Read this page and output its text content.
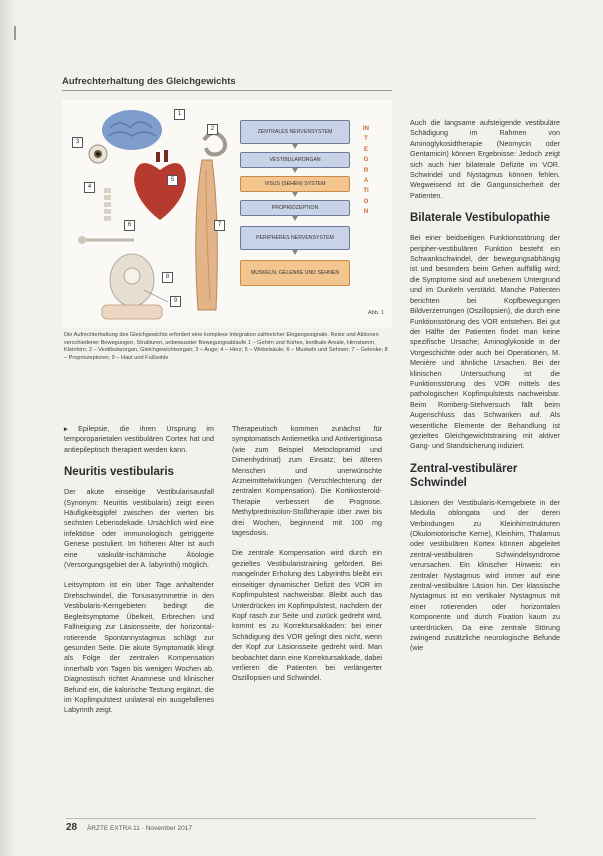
Aufrechterhaltung des Gleichgewichts
1
2
3
4
5
6	7
8
9
ZENTRALES NERVENSYSTEM
VESTIBULARORGAN
VISUS (SEHEN) SYSTEM
PROPRIOZEPTION
PERIPHERES NERVENSYSTEM
MUSKELN, GELENKE UND SEHNEN
INTEGRATION
Abb. 1
Die Aufrechterhaltung des Gleichgewichts erfordert eine komplexe Integration zahlreicher Eingangssignale. Reize und Aktionen verschiedener Bewegungen, Strukturen, unbewusster Bewegungsablaufe 1 – Gehirn und Kortex, kortikale Areale, Hirnstamm, Kleinhirn; 2 – Vestibularorgan, Gleichgewichtsorgan; 3 – Auge; 4 – Herz; 5 – Wirbelsäule; 6 – Muskeln und Sehnen; 7 – Gelenke; 8 – Propriozeptoren; 9 – Haut und Fußsohle

▸ Epilepsie, die ihren Ursprung im temporoparietalen vestibulären Cortex hat und antiepileptisch therapiert werden kann.

Neuritis vestibularis

Der akute einseitige Vestibularisausfall (Synonym: Neuritis vestibularis) zeigt einen Häufigkeitsgipfel zwischen der vierten bis sechsten Lebensdekade. Ursächlich wird eine infektiöse oder immunologisch getriggerte Genese postuliert. Im höheren Alter ist auch eine vaskulär-ischämische Ätiologie (Versorgungsgebiet der A. labyrinthi) möglich.

Leitsymptom ist ein über Tage anhaltender Drehschwindel, die Tonusasymmetrie in den Vestibularis-Kerngebieten bedingt die Begleitsymptome Übelkeit, Erbrechen und Fallneigung zur Läsionsseite, der horizontal-rotierende Spontannystagmus schlägt zur gesunden Seite. Die akute Symptomatik klingt als Folge der zentralen Kompensation innerhalb von Tagen bis wenigen Wochen ab. Diagnostisch richtet Anamnese und klinischer Befund ein, die kalorische Testung ergänzt, die im Kopfimpulstest unilateral ein ausgefallenes Labyrinth zeigt.

Therapeutisch kommen zunächst für symptomatisch Antiemetika und Antivertiginosa (wie zum Beispiel Metoclopramid und Dimenhydrinat) zum Einsatz; bei älteren Menschen und unerwünschte Arzneimittelwirkungen (Verschlechterung der zentralen Kompensation). Die Kortikosteroid-Therapie verbessert die Prognose. Methylprednisolon-Stoßtherapie über zwei bis drei Wochen, beginnend mit 100 mg tagesdosis.

Die zentrale Kompensation wird durch ein gezieltes Vestibularistraining gefördert. Bei mangelnder Erholung des Labyrinths bleibt ein einseitiger dynamischer Defizit des VOR im Kopfimpulstest nachweisbar. Bleibt auch das Unterdrücken im Kopfimpulstest, nachdem der Kopf rasch zur Seite und zurück gedreht wird, kommt es zu Korrektursakkaden: bei einer Schädigung des VOR gelingt dies nicht, wenn der Kopf zur Läsionsseite gedreht wird. Man beobachtet dann eine Korrektursakkade, dabei verlieren die Patienten bei verlängerter Oszillopsien und Schwindel.

Auch die langsame aufsteigende vestibuläre Schädigung im Rahmen von Aminoglykosidtherapie (Neomycin oder Gentamicin) können Ergebnisse: Jedoch zeigt sich auch hier bilaterale Defizite im VOR. Schwindel und Nystagmus können fehlen. Wegweisend ist die Gangunsicherheit der Patienten.

Bilaterale Vestibulopathie

Bei einer beidseitigen Funktionsstörung der peripher-vestibulären Funktion besteht ein Schwankschwindel, der bewegungsabhängig ist und besonders beim Gehen auffällig wird; die Symptome sind auf unebenem Untergrund und im Dunkeln verstärkt. Manche Patienten berichten bei Kopfbewegungen Bildverzerrungen (Oszillopsien), die durch eine Funktionsstörung des VOR entstehen. Bei gut der Hälfte der Patienten findet man keine spezifische Ursache; Aminoglykoside in der Vorgeschichte oder auch bei Operationen, M. Menière und ähnliche Ursachen. Bei der klinischen Untersuchung ist die Funktionsstörung des VOR mittels des pathologischen Kopfimpulstests nachweisbar. Beim Romberg-Stehversuch fällt beim Augenschluss das Schwanken auf. Als wesentliche Elemente der Behandlung ist gezieltes Gleichgewichtstraining mit aktiver Gang- und Standsicherung indiziert.

Zentral-vestibulärer Schwindel

Läsionen der Vestibularis-Kerngebiete in der Medulla oblongata und der deren Verbindungen zu Kleinhirnstrukturen (Okulomotorische Kerne), Kleinhirn, Thalamus oder vestibulären Kortex können abgeleitet zentral-vestibulären Schwindelsyndrome verursachen. Ein klinischer Hinweis: ein zentraler Nystagmus wird immer auf eine zentral-vestibuläre Läsion hin. Der klassische Nystagmus ist ein vertikaler Nystagmus mit einer rotierenden oder horizontalen Komponente und durch Fixation kaum zu unterdrücken. Da eine zentrale Störung zwingend zusätzliche neurologische Befunde (wie

28 ÄRZTE EXTRA 11 · November 2017
